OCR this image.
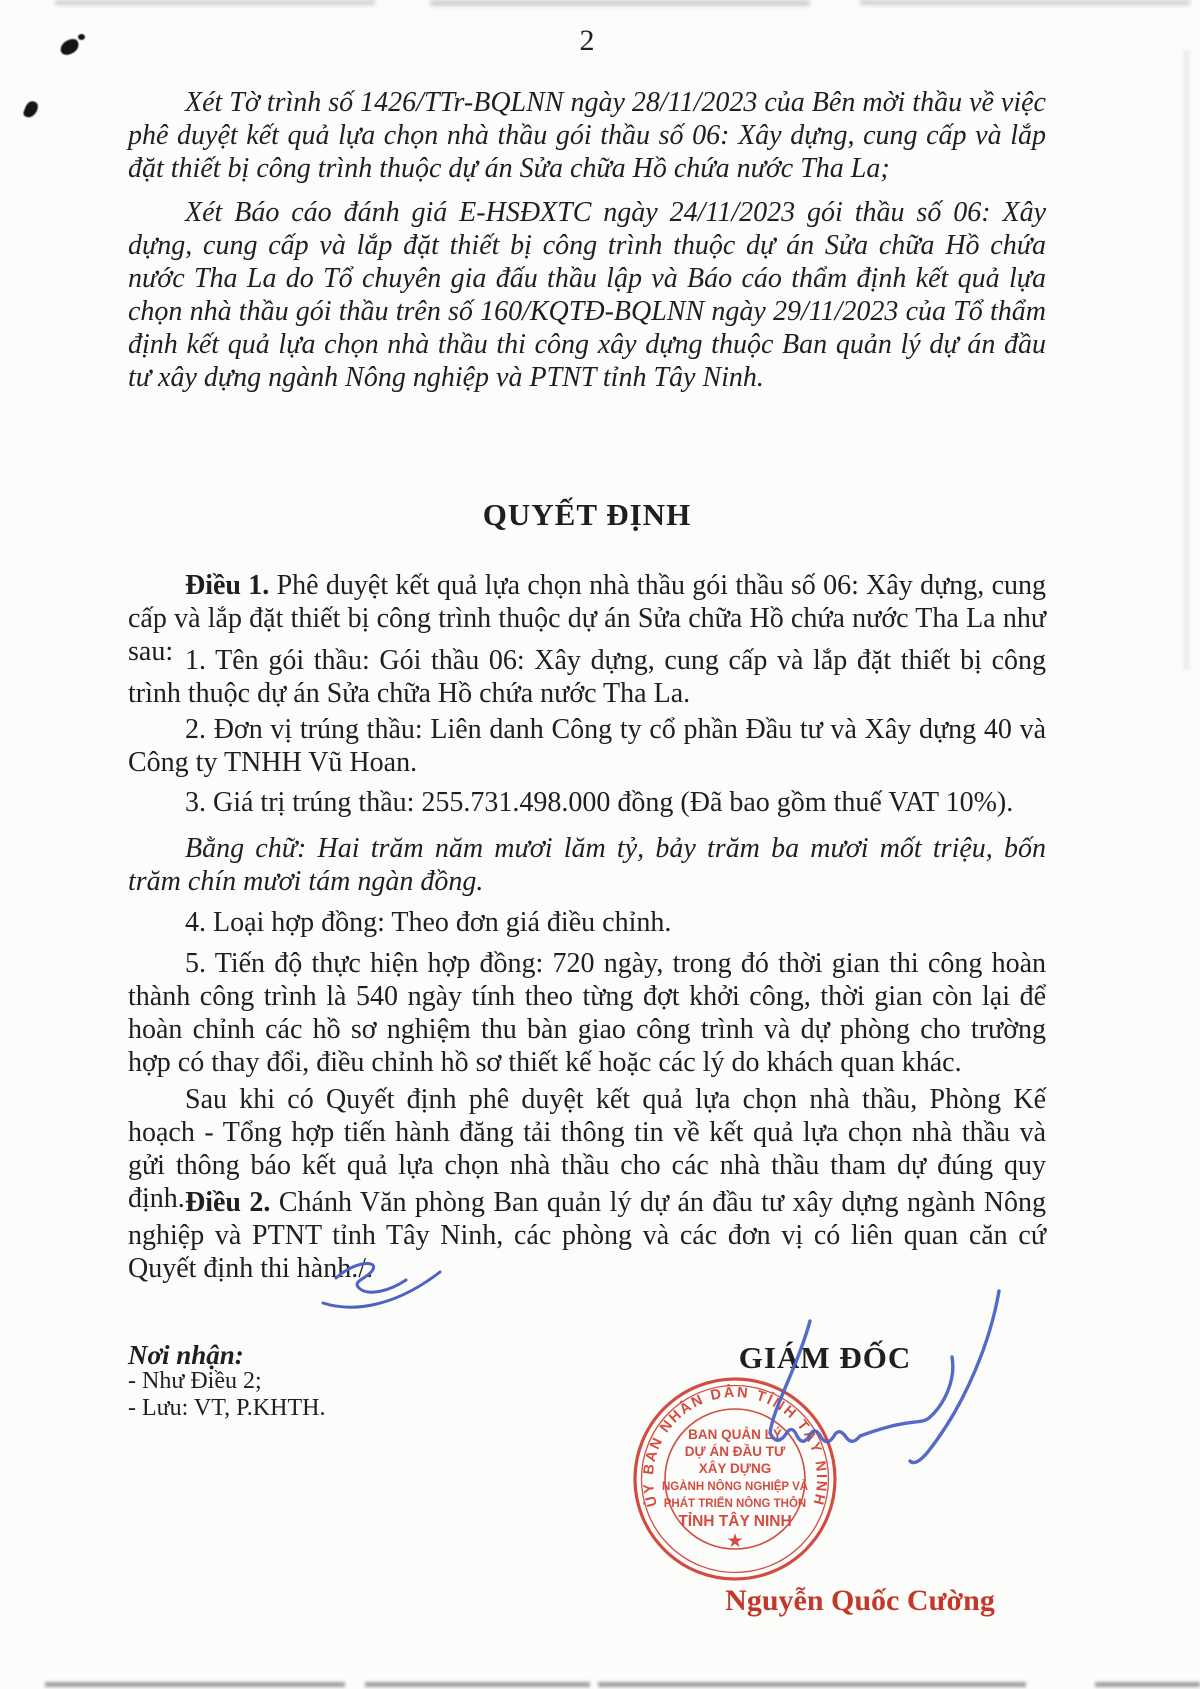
2
Xét Tờ trình số 1426/TTr-BQLNN ngày 28/11/2023 của Bên mời thầu về việc phê duyệt kết quả lựa chọn nhà thầu gói thầu số 06: Xây dựng, cung cấp và lắp đặt thiết bị công trình thuộc dự án Sửa chữa Hồ chứa nước Tha La;
Xét Báo cáo đánh giá E-HSĐXTC ngày 24/11/2023 gói thầu số 06: Xây dựng, cung cấp và lắp đặt thiết bị công trình thuộc dự án Sửa chữa Hồ chứa nước Tha La do Tổ chuyên gia đấu thầu lập và Báo cáo thẩm định kết quả lựa chọn nhà thầu gói thầu trên số 160/KQTĐ-BQLNN ngày 29/11/2023 của Tổ thẩm định kết quả lựa chọn nhà thầu thi công xây dựng thuộc Ban quản lý dự án đầu tư xây dựng ngành Nông nghiệp và PTNT tỉnh Tây Ninh.
QUYẾT ĐỊNH
Điều 1. Phê duyệt kết quả lựa chọn nhà thầu gói thầu số 06: Xây dựng, cung cấp và lắp đặt thiết bị công trình thuộc dự án Sửa chữa Hồ chứa nước Tha La như sau: 1. Tên gói thầu: Gói thầu 06: Xây dựng, cung cấp và lắp đặt thiết bị công trình thuộc dự án Sửa chữa Hồ chứa nước Tha La.
2. Đơn vị trúng thầu: Liên danh Công ty cổ phần Đầu tư và Xây dựng 40 và Công ty TNHH Vũ Hoan.
3. Giá trị trúng thầu: 255.731.498.000 đồng (Đã bao gồm thuế VAT 10%).
Bằng chữ: Hai trăm năm mươi lăm tỷ, bảy trăm ba mươi mốt triệu, bốn trăm chín mươi tám ngàn đồng.
4. Loại hợp đồng: Theo đơn giá điều chỉnh.
5. Tiến độ thực hiện hợp đồng: 720 ngày, trong đó thời gian thi công hoàn thành công trình là 540 ngày tính theo từng đợt khởi công, thời gian còn lại để hoàn chỉnh các hồ sơ nghiệm thu bàn giao công trình và dự phòng cho trường hợp có thay đổi, điều chỉnh hồ sơ thiết kế hoặc các lý do khách quan khác.
Sau khi có Quyết định phê duyệt kết quả lựa chọn nhà thầu, Phòng Kế hoạch - Tổng hợp tiến hành đăng tải thông tin về kết quả lựa chọn nhà thầu và gửi thông báo kết quả lựa chọn nhà thầu cho các nhà thầu tham dự đúng quy định. Điều 2. Chánh Văn phòng Ban quản lý dự án đầu tư xây dựng ngành Nông nghiệp và PTNT tỉnh Tây Ninh, các phòng và các đơn vị có liên quan căn cứ Quyết định thi hành./.
Nơi nhận:
- Như Điều 2;
- Lưu: VT, P.KHTH.
GIÁM ĐỐC
ỦY BAN NHÂN DÂN TỈNH TÂY NINH
BAN QUẢN LÝ
DỰ ÁN ĐẦU TƯ
XÂY DỰNG
NGÀNH NÔNG NGHIỆP VÀ
PHÁT TRIỂN NÔNG THÔN
TỈNH TÂY NINH
★
Nguyễn Quốc Cường
